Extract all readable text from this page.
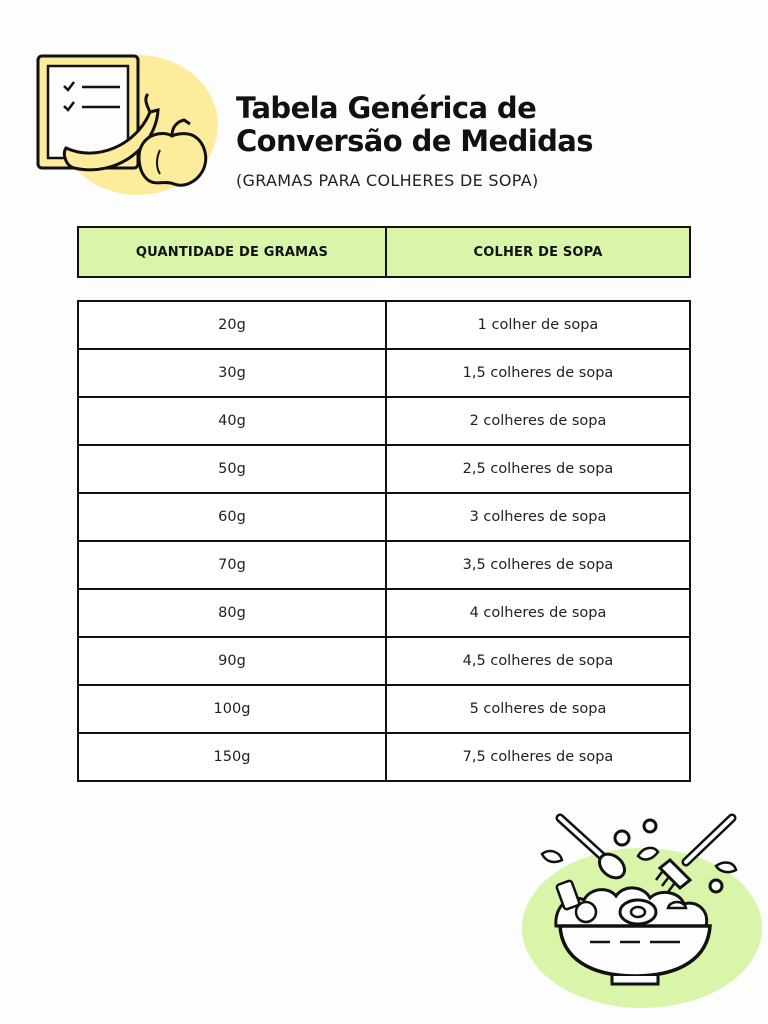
Tabela Genérica de
Conversão de Medidas
(GRAMAS PARA COLHERES DE SOPA)
QUANTIDADE DE GRAMAS	COLHER DE SOPA
20g	1 colher de sopa
30g	1,5 colheres de sopa
40g	2 colheres de sopa
50g	2,5 colheres de sopa
60g	3 colheres de sopa
70g	3,5 colheres de sopa
80g	4 colheres de sopa
90g	4,5 colheres de sopa
100g	5 colheres de sopa
150g	7,5 colheres de sopa
